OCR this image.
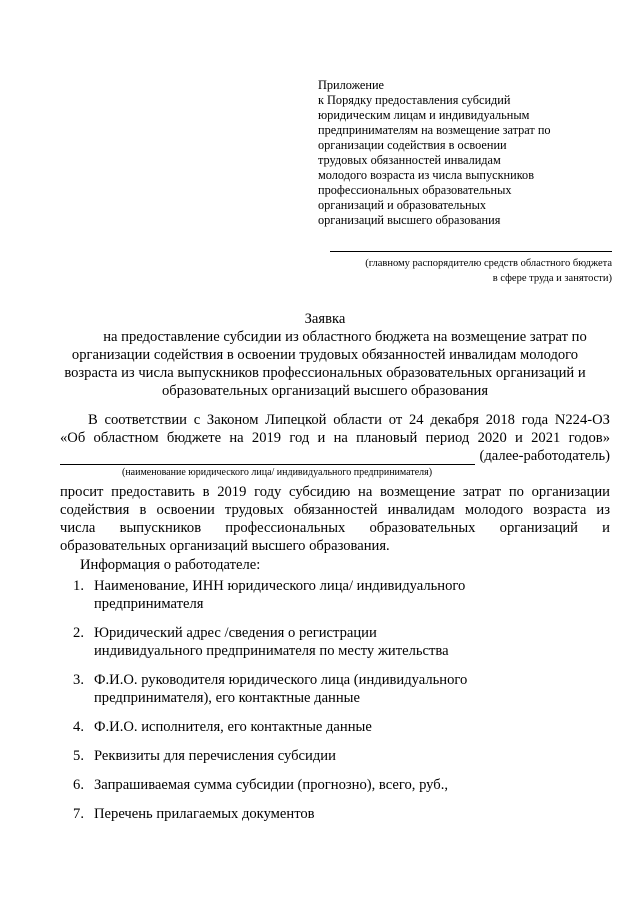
Приложение
к Порядку предоставления субсидий
юридическим лицам и индивидуальным
предпринимателям на возмещение затрат по
организации содействия в освоении
трудовых обязанностей инвалидам
молодого возраста из числа выпускников
профессиональных образовательных
организаций и образовательных
организаций высшего образования
(главному распорядителю средств областного бюджета
в сфере труда и занятости)
Заявка
на предоставление субсидии из областного бюджета на возмещение затрат по
организации содействия в освоении трудовых обязанностей инвалидам молодого
возраста из числа выпускников профессиональных образовательных организаций и
образовательных организаций высшего образования
В соответствии с Законом Липецкой области от 24 декабря 2018 года N224-ОЗ
«Об областном бюджете на 2019 год и на плановый период 2020 и 2021 годов»
(далее-работодатель)
(наименование юридического лица/ индивидуального предпринимателя)
просит предоставить в 2019 году субсидию на возмещение затрат по организации
содействия в освоении трудовых обязанностей инвалидам молодого возраста из
числа выпускников профессиональных образовательных организаций и
образовательных организаций высшего образования.
Информация о работодателе:
1. Наименование, ИНН юридического лица/ индивидуального
предпринимателя
2. Юридический адрес /сведения о регистрации
индивидуального предпринимателя по месту жительства
3. Ф.И.О. руководителя юридического лица (индивидуального
предпринимателя), его контактные данные
4. Ф.И.О. исполнителя, его контактные данные
5. Реквизиты для перечисления субсидии
6. Запрашиваемая сумма субсидии (прогнозно), всего, руб.,
7. Перечень прилагаемых документов
